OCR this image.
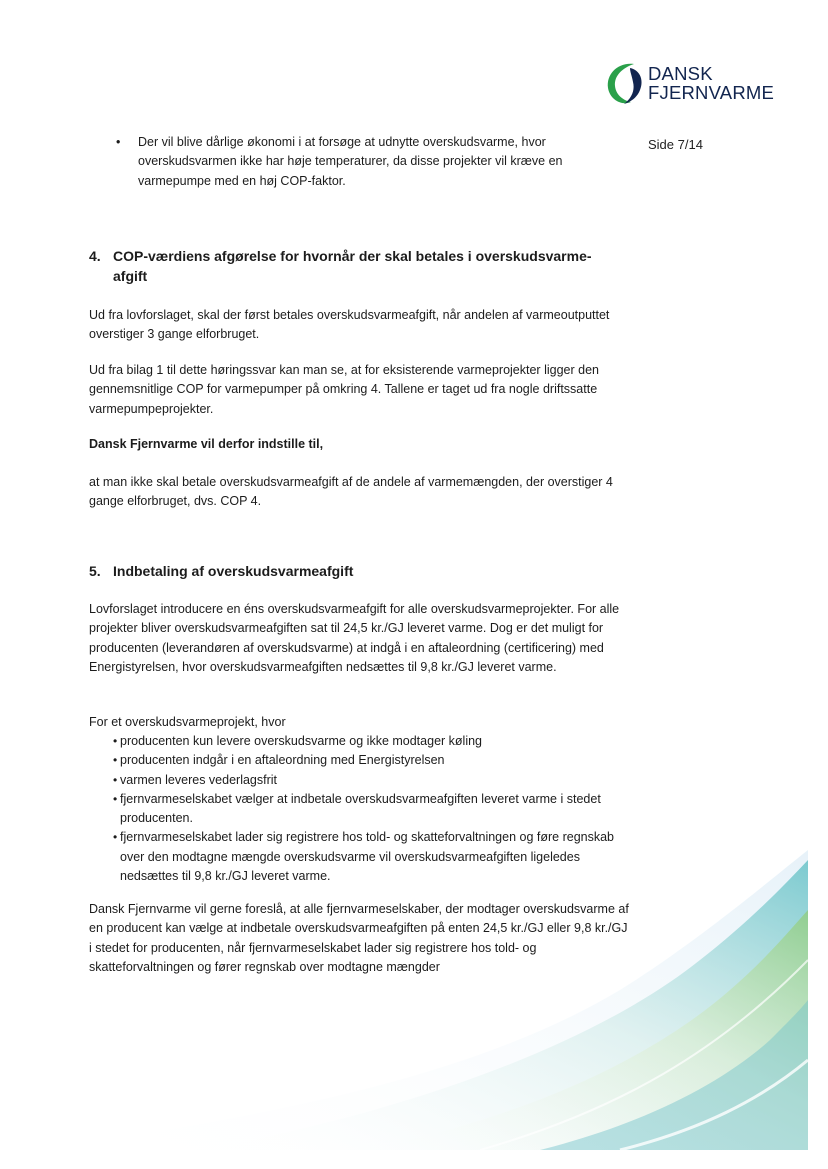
DANSK
FJERNVARME
Side 7/14
• Der vil blive dårlige økonomi i at forsøge at udnytte overskudsvarme, hvor overskudsvarmen ikke har høje temperaturer, da disse projekter vil kræve en varmepumpe med en høj COP-faktor.
4. COP-værdiens afgørelse for hvornår der skal betales i overskudsvarme-
afgift

Ud fra lovforslaget, skal der først betales overskudsvarmeafgift, når andelen af varmeoutputtet overstiger 3 gange elforbruget.

Ud fra bilag 1 til dette høringssvar kan man se, at for eksisterende varmeprojekter ligger den gennemsnitlige COP for varmepumper på omkring 4. Tallene er taget ud fra nogle driftssatte varmepumpeprojekter.

Dansk Fjernvarme vil derfor indstille til,

at man ikke skal betale overskudsvarmeafgift af de andele af varmemængden, der overstiger 4 gange elforbruget, dvs. COP 4.

5. Indbetaling af overskudsvarmeafgift

Lovforslaget introducere en éns overskudsvarmeafgift for alle overskudsvarmeprojekter. For alle projekter bliver overskudsvarmeafgiften sat til 24,5 kr./GJ leveret varme. Dog er det muligt for producenten (leverandøren af overskudsvarme) at indgå i en aftaleordning (certificering) med Energistyrelsen, hvor overskudsvarmeafgiften nedsættes til 9,8 kr./GJ leveret varme.

For et overskudsvarmeprojekt, hvor

• producenten kun levere overskudsvarme og ikke modtager køling
• producenten indgår i en aftaleordning med Energistyrelsen
• varmen leveres vederlagsfrit
• fjernvarmeselskabet vælger at indbetale overskudsvarmeafgiften leveret varme i stedet producenten.
• fjernvarmeselskabet lader sig registrere hos told- og skatteforvaltningen og føre regnskab over den modtagne mængde overskudsvarme vil overskudsvarmeafgiften ligeledes nedsættes til 9,8 kr./GJ leveret varme.

Dansk Fjernvarme vil gerne foreslå, at alle fjernvarmeselskaber, der modtager overskudsvarme af en producent kan vælge at indbetale overskudsvarmeafgiften på enten 24,5 kr./GJ eller 9,8 kr./GJ i stedet for producenten, når fjernvarmeselskabet lader sig registrere hos told- og skatteforvaltningen og fører regnskab over modtagne mængder
